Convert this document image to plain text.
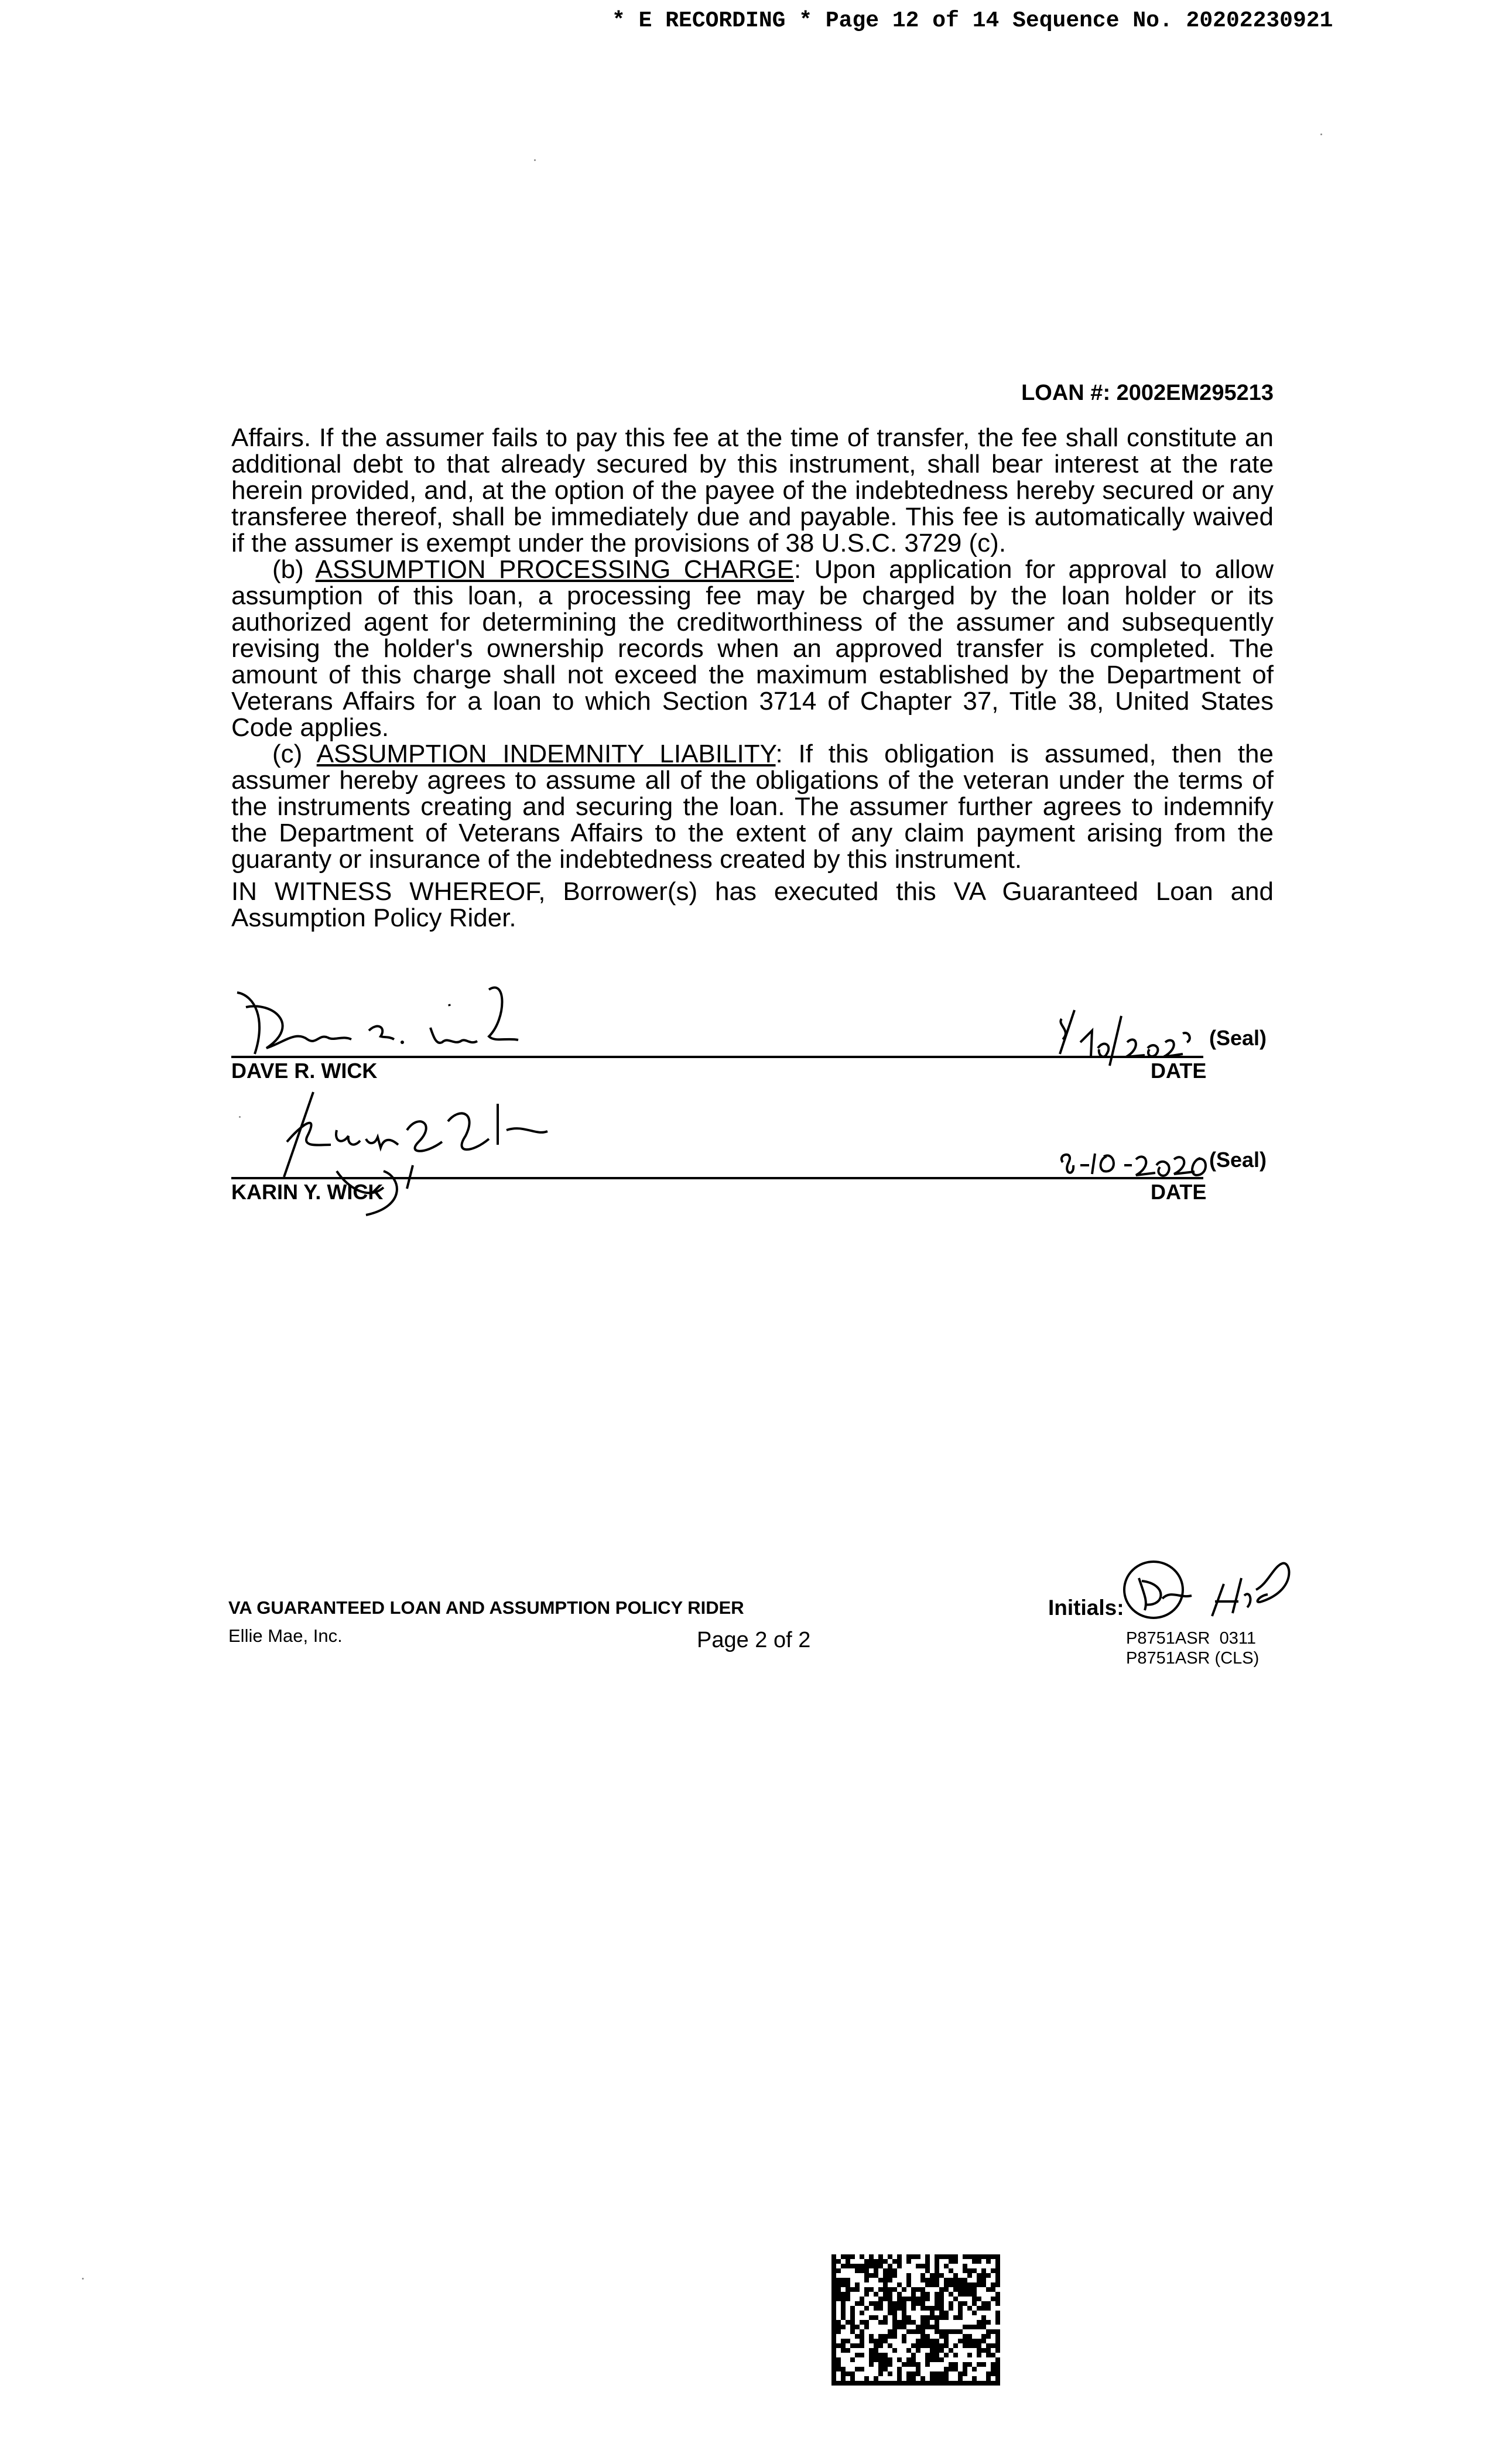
* E RECORDING * Page 12 of 14 Sequence No. 20202230921
LOAN #: 2002EM295213

Affairs. If the assumer fails to pay this fee at the time of transfer, the fee shall constitute an additional debt to that already secured by this instrument, shall bear interest at the rate herein provided, and, at the option of the payee of the indebtedness hereby secured or any transferee thereof, shall be immediately due and payable. This fee is automatically waived if the assumer is exempt under the provisions of 38 U.S.C. 3729 (c).

(b) ASSUMPTION PROCESSING CHARGE: Upon application for approval to allow assumption of this loan, a processing fee may be charged by the loan holder or its authorized agent for determining the creditworthiness of the assumer and subsequently revising the holder's ownership records when an approved transfer is completed. The amount of this charge shall not exceed the maximum established by the Department of Veterans Affairs for a loan to which Section 3714 of Chapter 37, Title 38, United States Code applies.

(c) ASSUMPTION INDEMNITY LIABILITY: If this obligation is assumed, then the assumer hereby agrees to assume all of the obligations of the veteran under the terms of the instruments creating and securing the loan. The assumer further agrees to indemnify the Department of Veterans Affairs to the extent of any claim payment arising from the guaranty or insurance of the indebtedness created by this instrument.

IN WITNESS WHEREOF, Borrower(s) has executed this VA Guaranteed Loan and Assumption Policy Rider.
DAVE R. WICK
(Seal)
DATE
KARIN Y. WICK
(Seal)
DATE
VA GUARANTEED LOAN AND ASSUMPTION POLICY RIDER
Ellie Mae, Inc.	Page 2 of 2
Initials:
P8751ASR  0311
P8751ASR (CLS)
